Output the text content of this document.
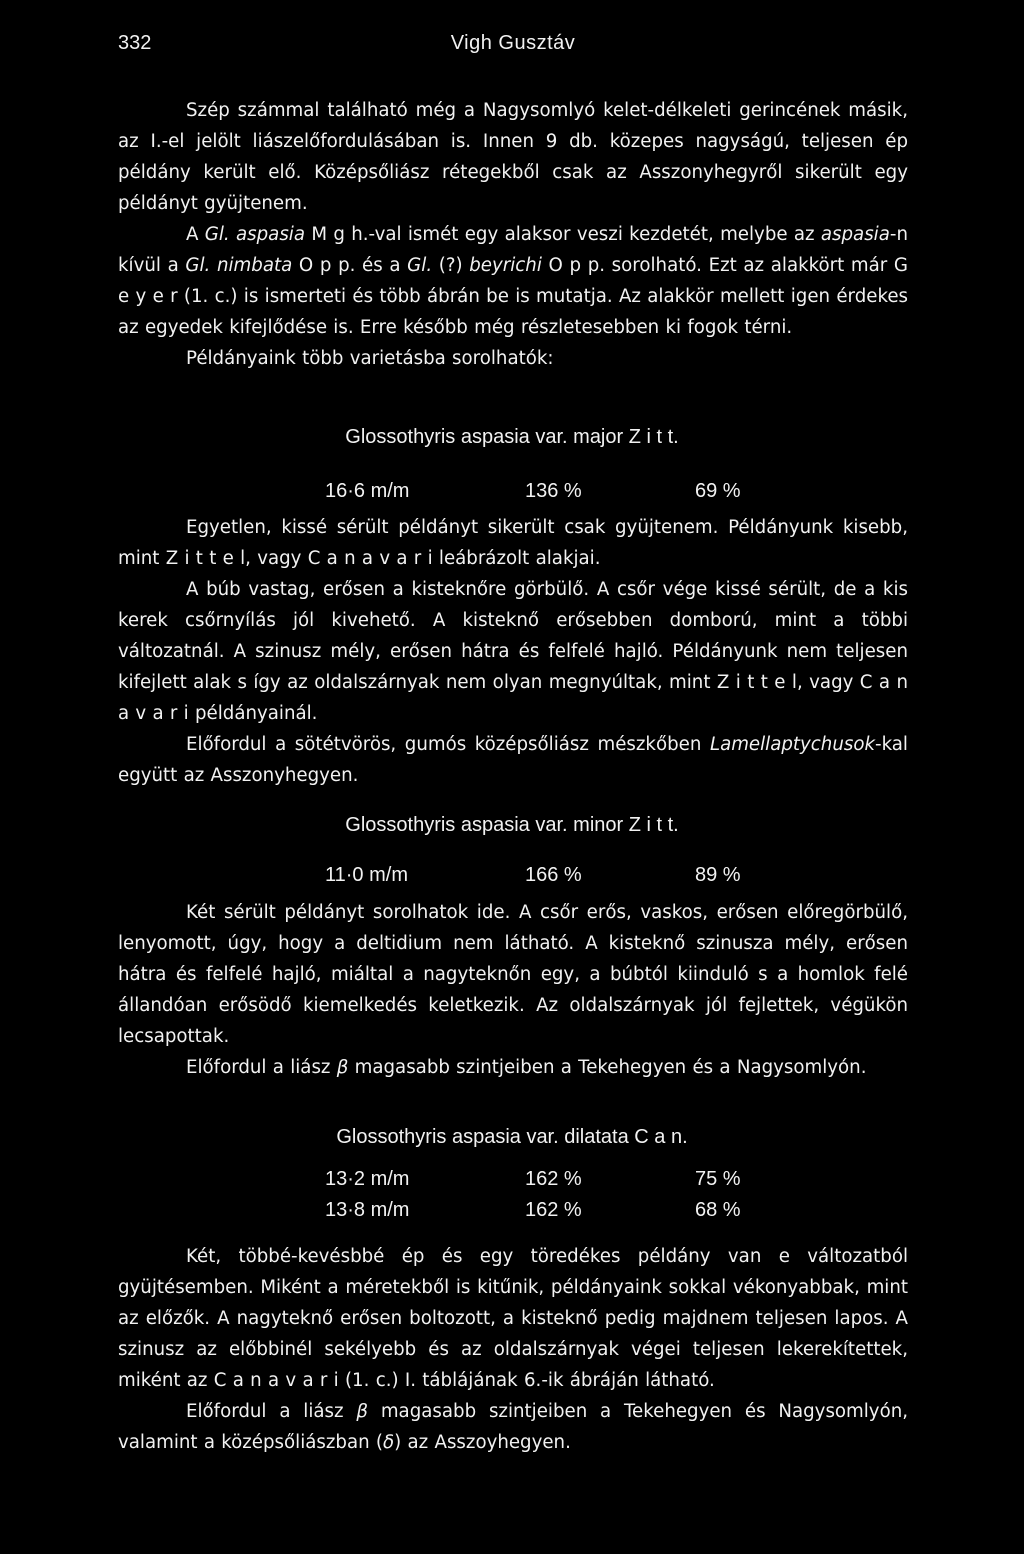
332	Vigh Gusztáv

Szép számmal található még a Nagysomlyó kelet-délkeleti gerincének másik, az I.-el jelölt liászelőfordulásában is. Innen 9 db. közepes nagyságú, teljesen ép példány került elő. Középsőliász rétegekből csak az Asszonyhegyről sikerült egy példányt gyüjtenem.

A Gl. aspasia M g h.-val ismét egy alaksor veszi kezdetét, melybe az aspasia-n kívül a Gl. nimbata O p p. és a Gl. (?) beyrichi O p p. sorolható. Ezt az alakkört már G e y e r (1. c.) is ismerteti és több ábrán be is mutatja. Az alakkör mellett igen érdekes az egyedek kifejlődése is. Erre később még részletesebben ki fogok térni.

Példányaink több varietásba sorolhatók:

Glossothyris aspasia var. major Z i t t.
16·6 m/m	136 %	69 %

Egyetlen, kissé sérült példányt sikerült csak gyüjtenem. Példányunk kisebb, mint Z i t t e l, vagy C a n a v a r i leábrázolt alakjai.

A búb vastag, erősen a kisteknőre görbülő. A csőr vége kissé sérült, de a kis kerek csőrnyílás jól kivehető. A kisteknő erősebben domború, mint a többi változatnál. A szinusz mély, erősen hátra és felfelé hajló. Példányunk nem teljesen kifejlett alak s így az oldalszárnyak nem olyan megnyúltak, mint Z i t t e l, vagy C a n a v a r i példányainál.

Előfordul a sötétvörös, gumós középsőliász mészkőben Lamellaptychusok-kal együtt az Asszonyhegyen.

Glossothyris aspasia var. minor Z i t t.
11·0 m/m	166 %	89 %

Két sérült példányt sorolhatok ide. A csőr erős, vaskos, erősen előregörbülő, lenyomott, úgy, hogy a deltidium nem látható. A kisteknő szinusza mély, erősen hátra és felfelé hajló, miáltal a nagyteknőn egy, a búbtól kiinduló s a homlok felé állandóan erősödő kiemelkedés keletkezik. Az oldalszárnyak jól fejlettek, végükön lecsapottak.

Előfordul a liász β magasabb szintjeiben a Tekehegyen és a Nagysomlyón.

Glossothyris aspasia var. dilatata C a n.
13·2 m/m	162 %	75 %
13·8 m/m	162 %	68 %

Két, többé-kevésbbé ép és egy töredékes példány van e változatból gyüjtésemben. Miként a méretekből is kitűnik, példányaink sokkal vékonyabbak, mint az előzők. A nagyteknő erősen boltozott, a kisteknő pedig majdnem teljesen lapos. A szinusz az előbbinél sekélyebb és az oldalszárnyak végei teljesen lekerekítettek, miként az C a n a v a r i (1. c.) I. táblájának 6.-ik ábráján látható.

Előfordul a liász β magasabb szintjeiben a Tekehegyen és Nagysomlyón, valamint a középsőliászban (δ) az Asszoyhegyen.
